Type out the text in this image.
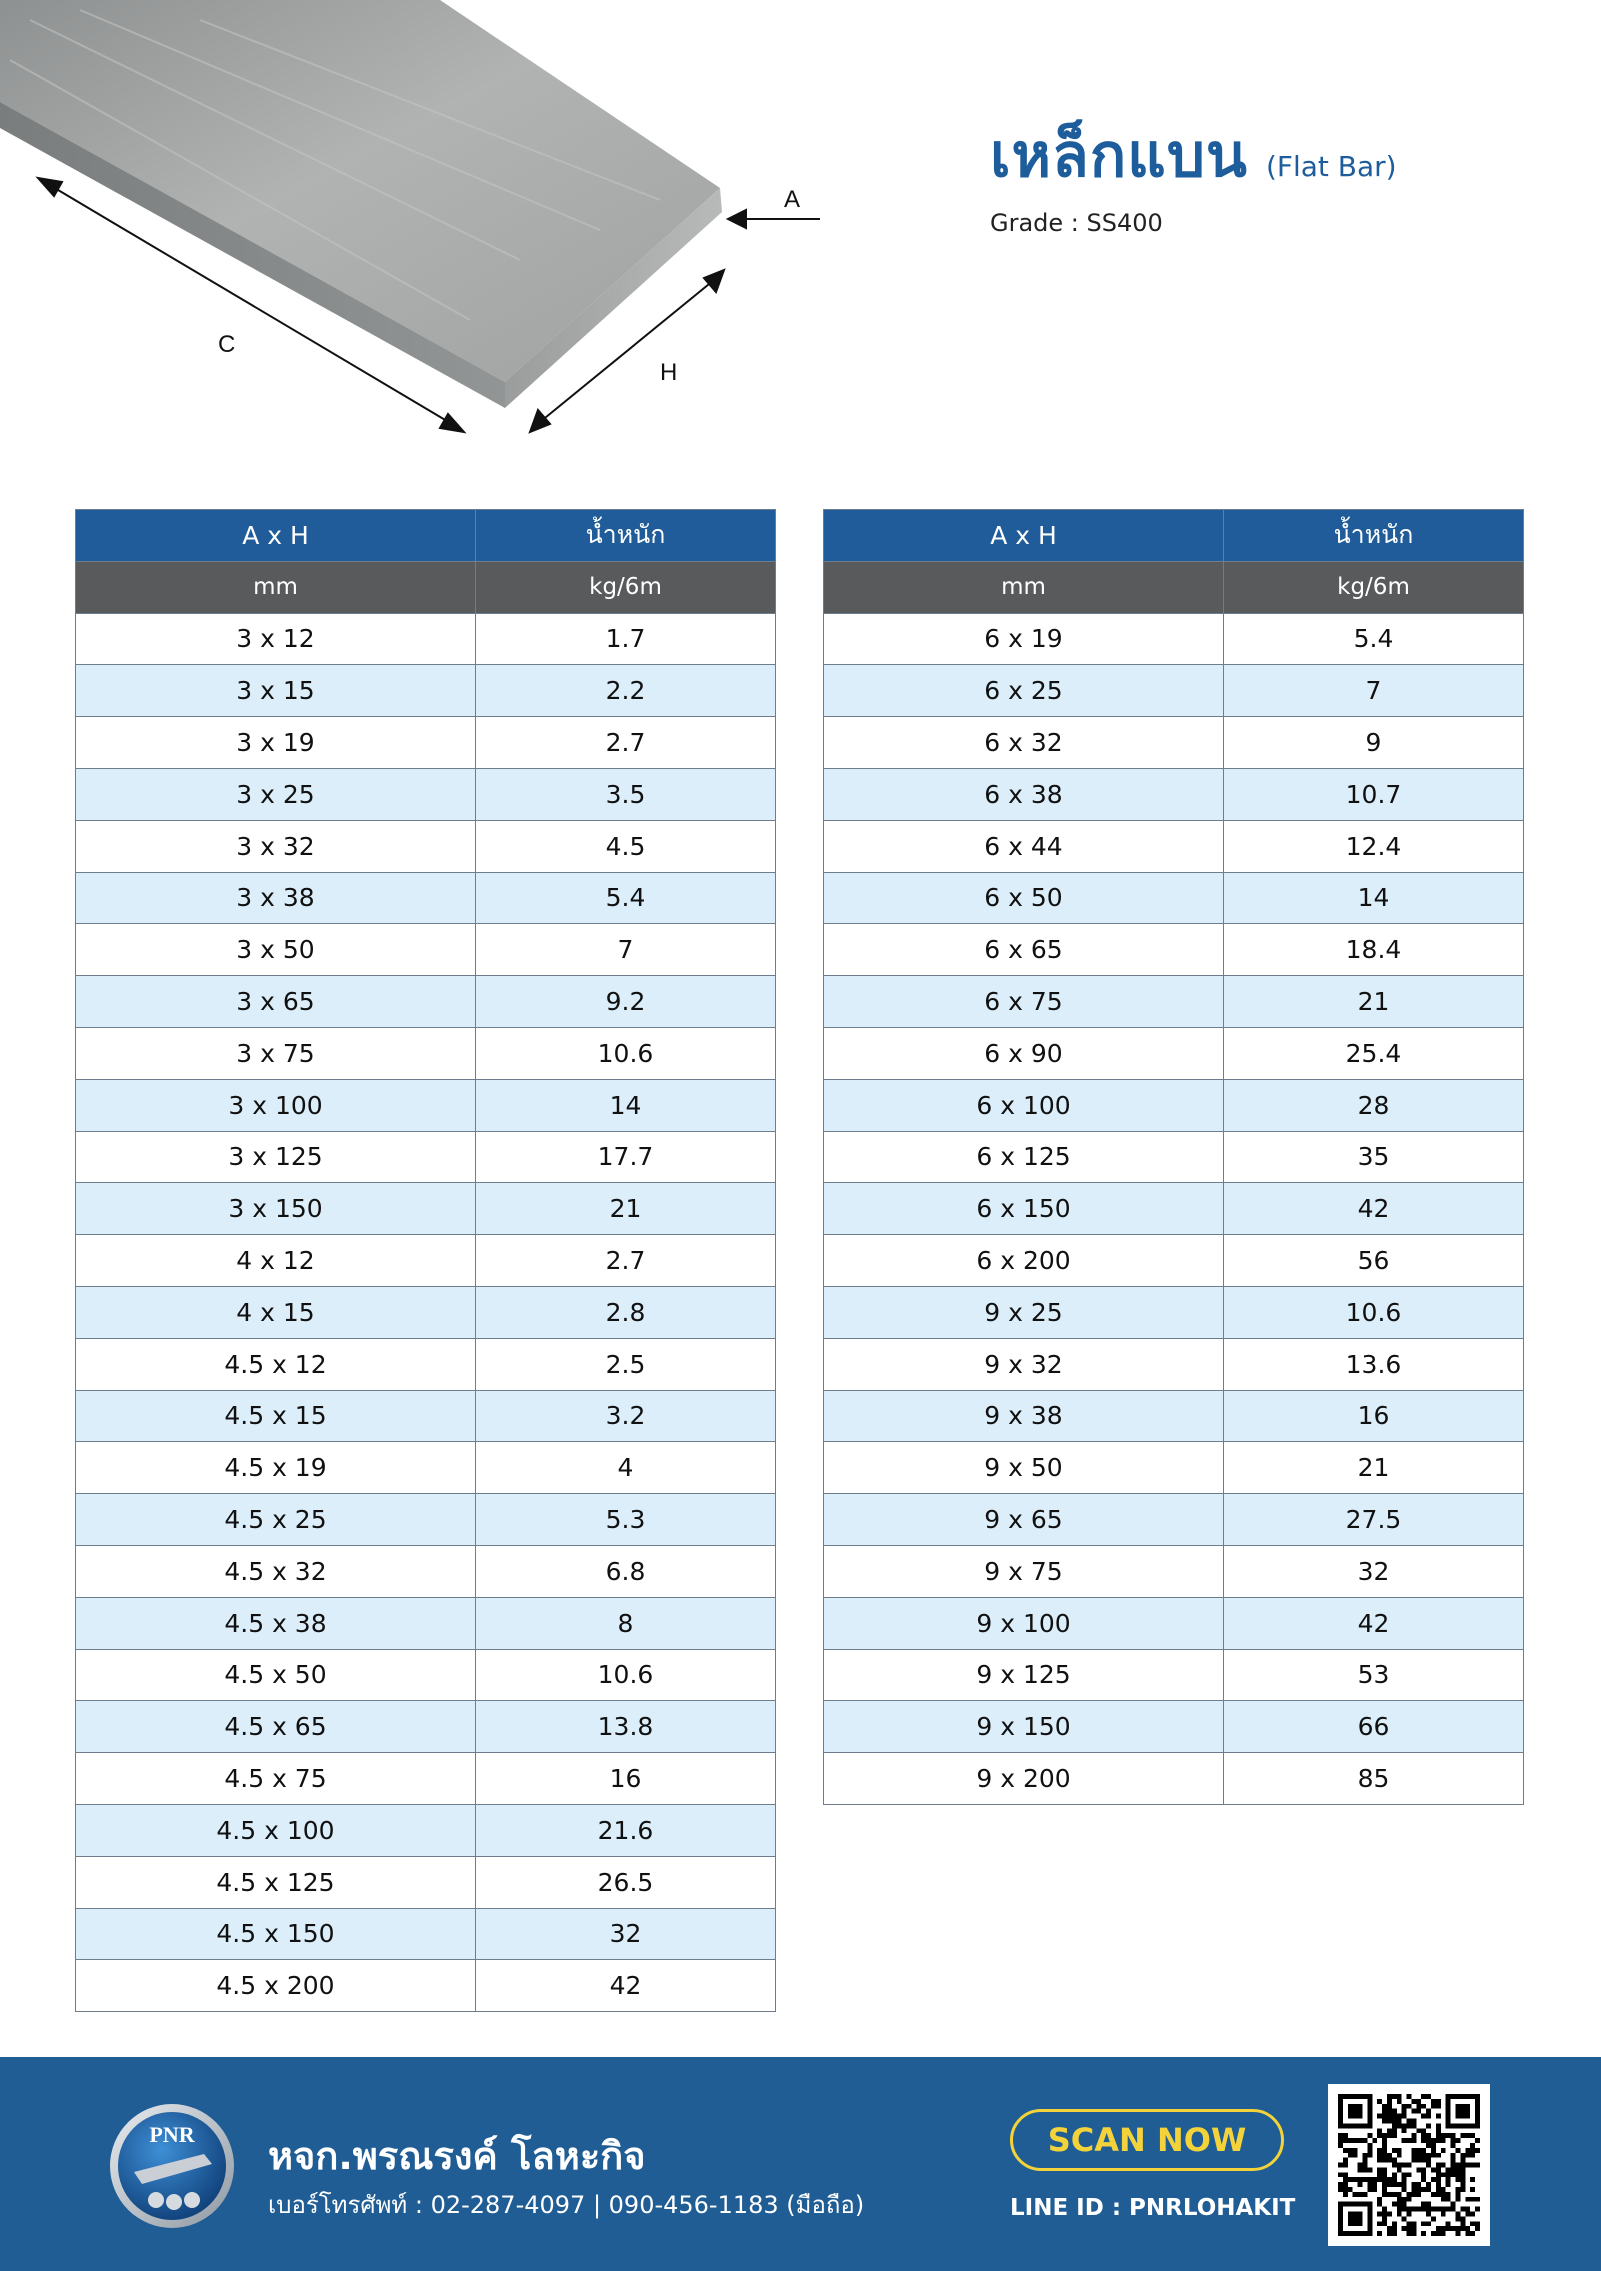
A
C
H
เหล็กแบน (Flat Bar)
Grade : SS400
A x H	น้ำหนัก
mm	kg/6m
3 x 12	1.7
3 x 15	2.2
3 x 19	2.7
3 x 25	3.5
3 x 32	4.5
3 x 38	5.4
3 x 50	7
3 x 65	9.2
3 x 75	10.6
3 x 100	14
3 x 125	17.7
3 x 150	21
4 x 12	2.7
4 x 15	2.8
4.5 x 12	2.5
4.5 x 15	3.2
4.5 x 19	4
4.5 x 25	5.3
4.5 x 32	6.8
4.5 x 38	8
4.5 x 50	10.6
4.5 x 65	13.8
4.5 x 75	16
4.5 x 100	21.6
4.5 x 125	26.5
4.5 x 150	32
4.5 x 200	42
A x H	น้ำหนัก
mm	kg/6m
6 x 19	5.4
6 x 25	7
6 x 32	9
6 x 38	10.7
6 x 44	12.4
6 x 50	14
6 x 65	18.4
6 x 75	21
6 x 90	25.4
6 x 100	28
6 x 125	35
6 x 150	42
6 x 200	56
9 x 25	10.6
9 x 32	13.6
9 x 38	16
9 x 50	21
9 x 65	27.5
9 x 75	32
9 x 100	42
9 x 125	53
9 x 150	66
9 x 200	85
PNR หจก.พรณรงค์ โลหะกิจ
เบอร์โทรศัพท์ : 02-287-4097 | 090-456-1183 (มือถือ)
SCAN NOW
LINE ID : PNRLOHAKIT
